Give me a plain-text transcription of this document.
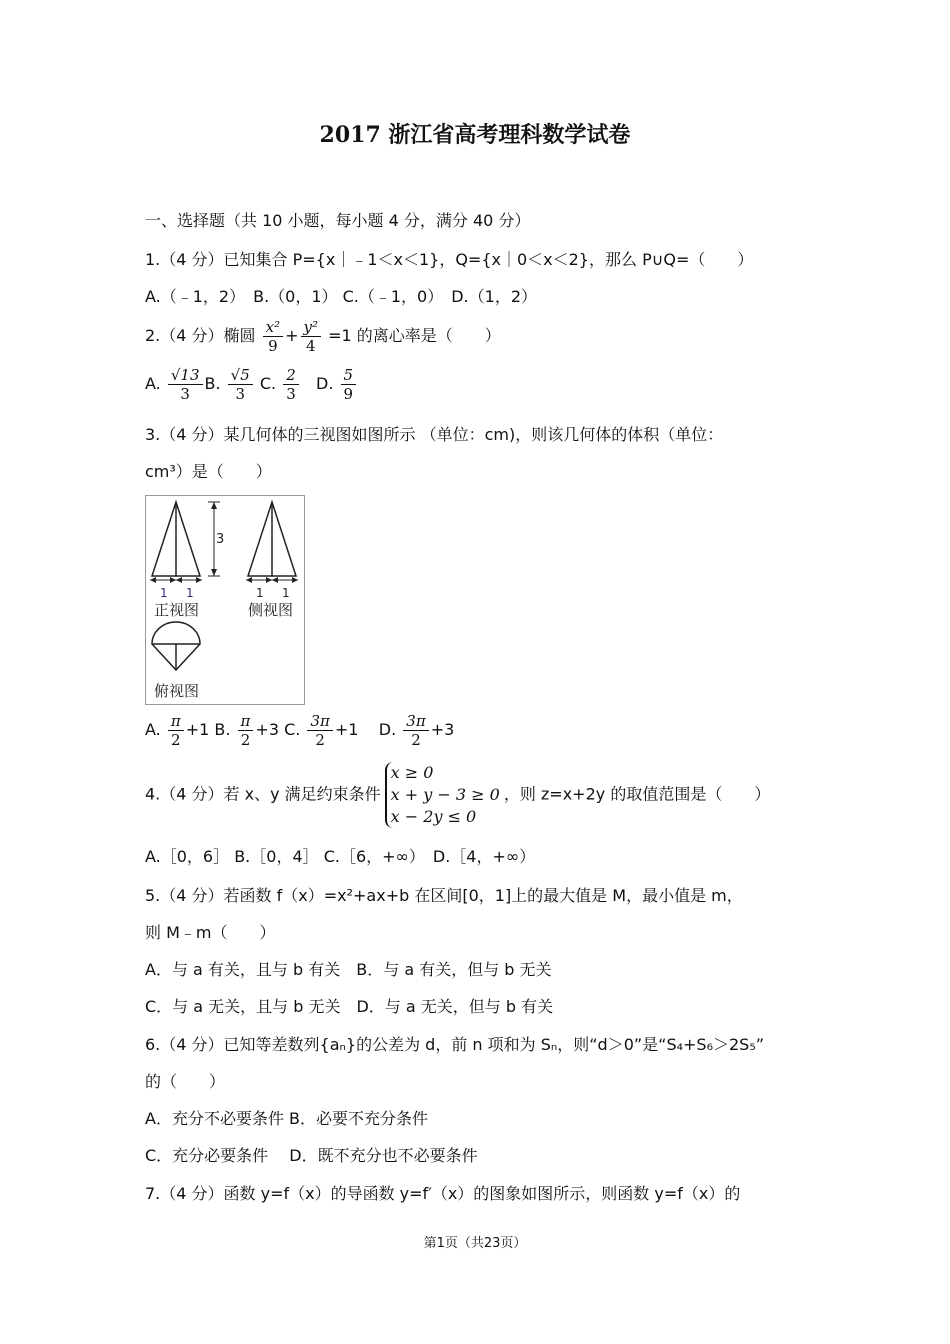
2017 浙江省高考理科数学试卷
一、选择题（共 10 小题，每小题 4 分，满分 40 分）
1.（4 分）已知集合 P={x｜﹣1＜x＜1}，Q={x｜0＜x＜2}，那么 P∪Q=（　　）
A.（﹣1，2）　B.（0，1） C.（﹣1，0）　D.（1，2）
2.（4 分）椭圆 $\frac{\text{x²}}{9} + \frac{\text{y²}}{4} =1$ 的离心率是（　　）
A. $\frac{√13}{3} B$. $\frac{√5}{3} C$. $\frac{2}{3} D$. $\frac{5}{9}$
3.（4 分）某几何体的三视图如图所示 （单位：cm)，则该几何体的体积（单位：
cm³）是（　　）
1 1
3
1 1
正视图	侧视图
俯视图
A. $\frac{\pi}{2} +1$ B. $\frac{\pi}{2} +3$ C. $\frac{3\pi}{2} +1$ D. $\frac{3\pi}{2} +3$
4.（4 分）若 x、y 满足约束条件
x ≥ 0
x + y − 3 ≥ 0
x − 2y ≤ 0
，则 z=x+2y 的取值范围是（　　）
A.［0，6］ B.［0，4］ C.［6，+∞）　D.［4，+∞）
5.（4 分）若函数 f（x）=x²+ax+b 在区间[0，1]上的最大值是 M，最小值是 m，
则 M﹣m（　　）
A．与 a 有关，且与 b 有关　B．与 a 有关，但与 b 无关
C．与 a 无关，且与 b 无关　D．与 a 无关，但与 b 有关
6.（4 分）已知等差数列{aₙ}的公差为 d，前 n 项和为 Sₙ，则“d＞0”是“S₄+S₆＞2S₅”
的（　　）
A．充分不必要条件 B．必要不充分条件
C．充分必要条件　 D．既不充分也不必要条件
7.（4 分）函数 y=f（x）的导函数 y=f′（x）的图象如图所示，则函数 y=f（x）的
第1页（共23页）
